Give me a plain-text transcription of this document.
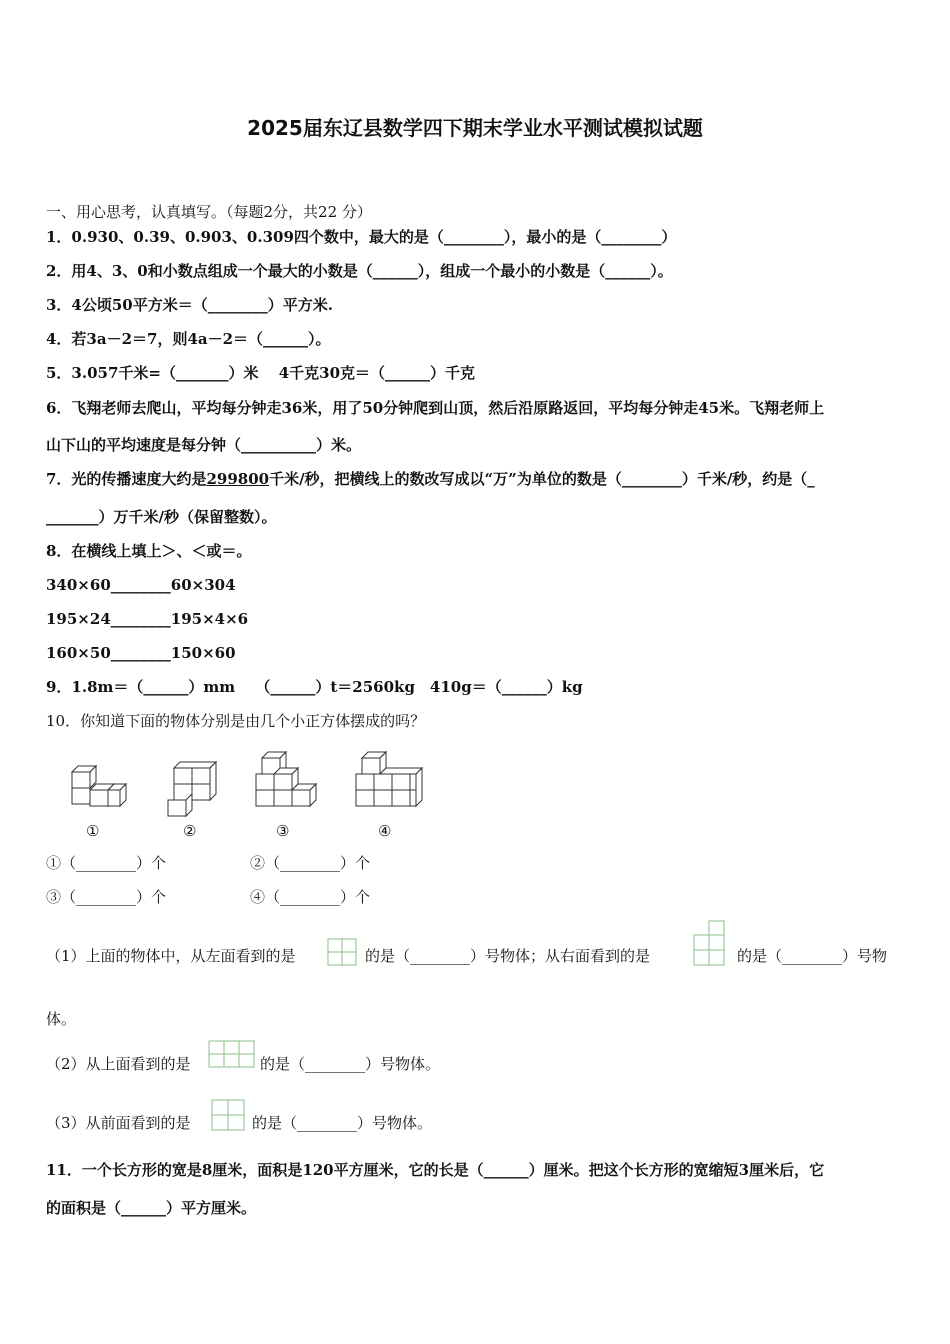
2025届东辽县数学四下期末学业水平测试模拟试题
一、用心思考，认真填写。（每题2分，共22 分）
1．0.930、0.39、0.903、0.309四个数中，最大的是（________），最小的是（________）
2．用4、3、0和小数点组成一个最大的小数是（______），组成一个最小的小数是（______）。
3．4公顷50平方米＝（________）平方米.
4．若3a－2＝7，则4a－2＝（______）。
5．3.057千米=（_______）米　 4千克30克＝（______）千克
6．飞翔老师去爬山，平均每分钟走36米，用了50分钟爬到山顶，然后沿原路返回，平均每分钟走45米。飞翔老师上
山下山的平均速度是每分钟（__________）米。
7．光的传播速度大约是299800千米/秒，把横线上的数改写成以“万”为单位的数是（________）千米/秒，约是（_
_______）万千米/秒（保留整数）。
8．在横线上填上＞、＜或＝。
340×60________60×304
195×24________195×4×6
160×50________150×60
9．1.8m＝（______）mm　 （______）t＝2560kg　410g＝（______）kg
10．你知道下面的物体分别是由几个小正方体摆成的吗？
①	②	③	④
①（________）个	②（________）个
③（________）个	④（________）个
（1）上面的物体中，从左面看到的是	的是（________）号物体；从右面看到的是	的是（________）号物
体。
（2）从上面看到的是	的是（________）号物体。
（3）从前面看到的是	的是（________）号物体。
11．一个长方形的宽是8厘米，面积是120平方厘米，它的长是（______）厘米。把这个长方形的宽缩短3厘米后，它
的面积是（______）平方厘米。
